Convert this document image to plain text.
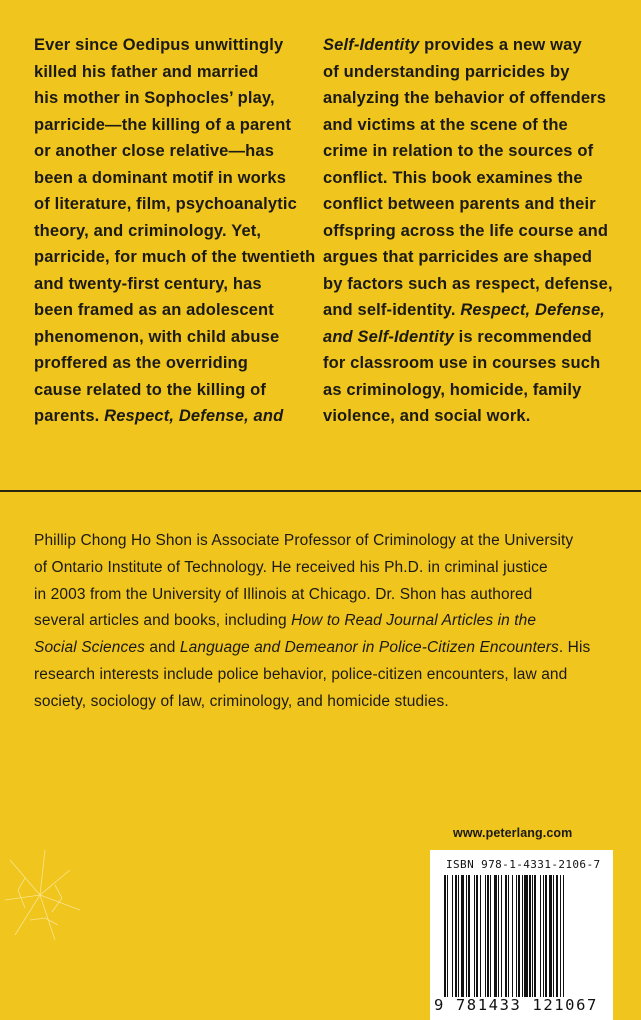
Ever since Oedipus unwittingly
killed his father and married
his mother in Sophocles’ play,
parricide—the killing of a parent
or another close relative—has
been a dominant motif in works
of literature, film, psychoanalytic
theory, and criminology. Yet,
parricide, for much of the twentieth
and twenty-first century, has
been framed as an adolescent
phenomenon, with child abuse
proffered as the overriding
cause related to the killing of
parents. Respect, Defense, and
Self-Identity provides a new way
of understanding parricides by
analyzing the behavior of offenders
and victims at the scene of the
crime in relation to the sources of
conflict. This book examines the
conflict between parents and their
offspring across the life course and
argues that parricides are shaped
by factors such as respect, defense,
and self-identity. Respect, Defense,
and Self-Identity is recommended
for classroom use in courses such
as criminology, homicide, family
violence, and social work.
Phillip Chong Ho Shon is Associate Professor of Criminology at the University
of Ontario Institute of Technology. He received his Ph.D. in criminal justice
in 2003 from the University of Illinois at Chicago. Dr. Shon has authored
several articles and books, including How to Read Journal Articles in the
Social Sciences and Language and Demeanor in Police-Citizen Encounters. His
research interests include police behavior, police-citizen encounters, law and
society, sociology of law, criminology, and homicide studies.
www.peterlang.com
ISBN 978-1-4331-2106-7
9 781433 121067
